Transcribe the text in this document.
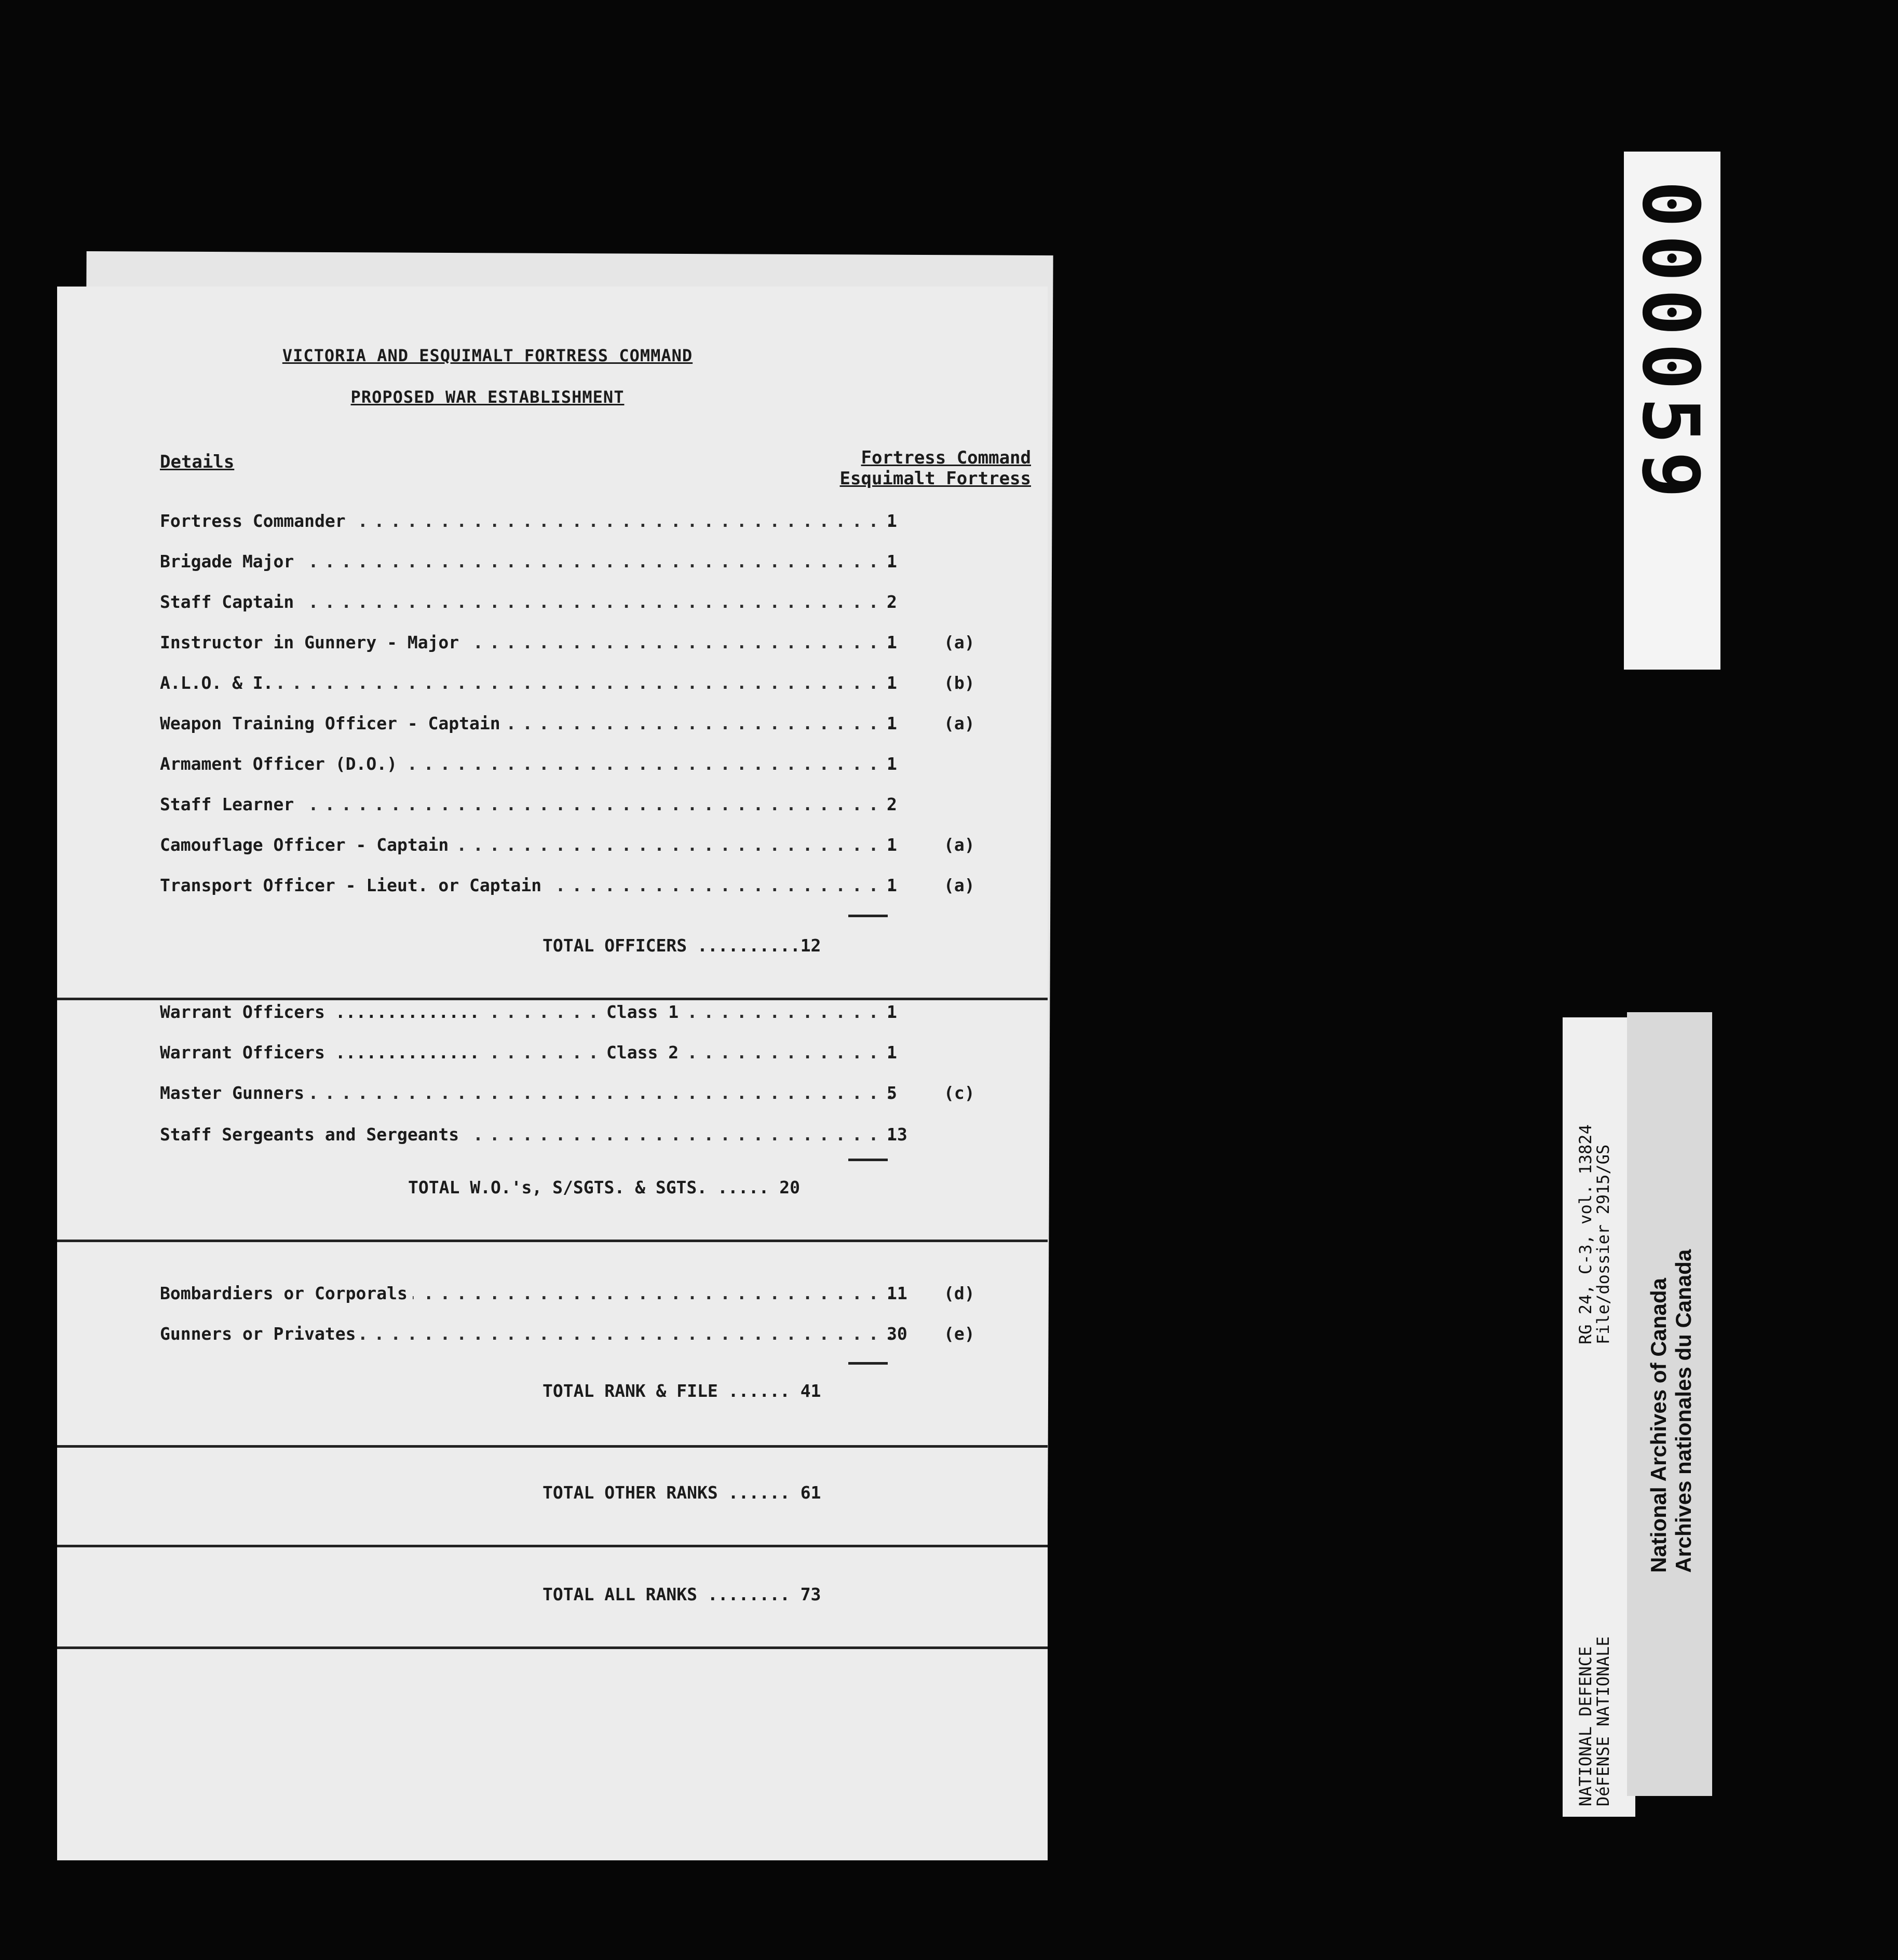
VICTORIA AND ESQUIMALT FORTRESS COMMAND
PROPOSED WAR ESTABLISHMENT
Details	Fortress Command
Esquimalt Fortress
. . .
Fortress Commander	1
. . .
Brigade Major	1
. . .
Staff Captain	2
. . .
Instructor in Gunnery - Major	1	(a)
. . .
A.L.O. & I.	1	(b)
. . .
Weapon Training Officer - Captain	1	(a)
. . .
Armament Officer (D.O.)	1
. . .
Staff Learner	2
. . .
Camouflage Officer - Captain	1	(a)
. . .
Transport Officer - Lieut. or Captain	1	(a)
TOTAL OFFICERS ..........12
. . .
Warrant Officers ..............	Class 1	1
. . .
Warrant Officers ..............	Class 2	1
. . .
Master Gunners	5	(c)
. . .
Staff Sergeants and Sergeants	13
TOTAL W.O.'s, S/SGTS. & SGTS. ..... 20
. . .
Bombardiers or Corporals	11	(d)
. . .
Gunners or Privates	30	(e)
TOTAL RANK & FILE ...... 41
TOTAL OTHER RANKS ...... 61
TOTAL ALL RANKS ........ 73
000059
NATIONAL DEFENCE
DéFENSE NATIONALE
RG 24, C-3, vol. 13824
File/dossier 2915/GS
National Archives of Canada Archives nationales du Canada
